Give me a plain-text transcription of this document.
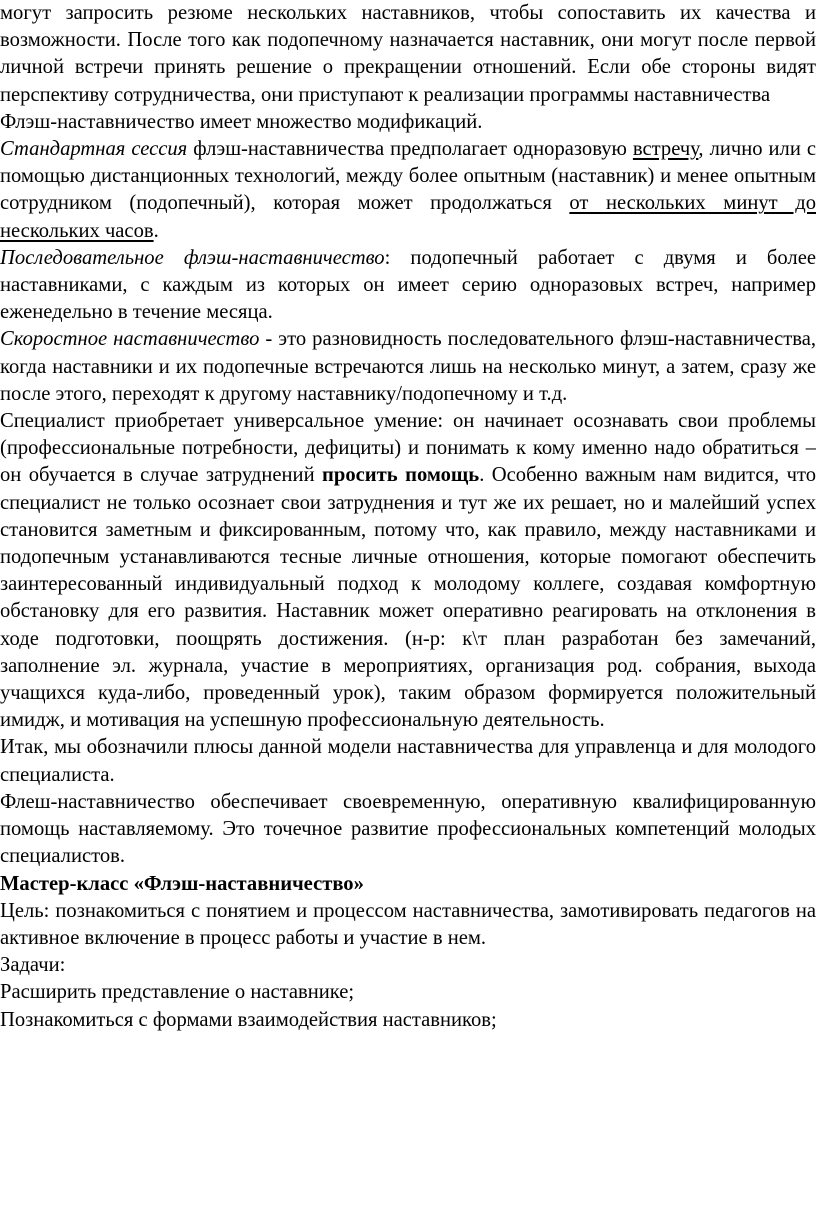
могут запросить резюме нескольких наставников, чтобы сопоставить их качества и возможности. После того как подопечному назначается наставник, они могут после первой личной встречи принять решение о прекращении отношений. Если обе стороны видят перспективу сотрудничества, они приступают к реализации программы наставничества

Флэш-наставничество имеет множество модификаций.

Стандартная сессия флэш-наставничества предполагает одноразовую встречу, лично или с помощью дистанционных технологий, между более опытным (наставник) и менее опытным сотрудником (подопечный), которая может продолжаться от нескольких минут до нескольких часов.

Последовательное флэш-наставничество: подопечный работает с двумя и более наставниками, с каждым из которых он имеет серию одноразовых встреч, например еженедельно в течение месяца.

Скоростное наставничество - это разновидность последовательного флэш-наставничества, когда наставники и их подопечные встречаются лишь на несколько минут, а затем, сразу же после этого, переходят к другому наставнику/подопечному и т.д.

Специалист приобретает универсальное умение: он начинает осознавать свои проблемы (профессиональные потребности, дефициты) и понимать к кому именно надо обратиться – он обучается в случае затруднений просить помощь. Особенно важным нам видится, что специалист не только осознает свои затруднения и тут же их решает, но и малейший успех становится заметным и фиксированным, потому что, как правило, между наставниками и подопечным устанавливаются тесные личные отношения, которые помогают обеспечить заинтересованный индивидуальный подход к молодому коллеге, создавая комфортную обстановку для его развития. Наставник может оперативно реагировать на отклонения в ходе подготовки, поощрять достижения. (н-р: к\т план разработан без замечаний, заполнение эл. журнала, участие в мероприятиях, организация род. собрания, выхода учащихся куда-либо, проведенный урок), таким образом формируется положительный имидж, и мотивация на успешную профессиональную деятельность.

Итак, мы обозначили плюсы данной модели наставничества для управленца и для молодого специалиста.

Флеш-наставничество обеспечивает своевременную, оперативную квалифицированную помощь наставляемому. Это точечное развитие профессиональных компетенций молодых специалистов.

Мастер-класс «Флэш-наставничество»

Цель: познакомиться с понятием и процессом наставничества, замотивировать педагогов на активное включение в процесс работы и участие в нем.

Задачи:

Расширить представление о наставнике;

Познакомиться с формами взаимодействия наставников;
